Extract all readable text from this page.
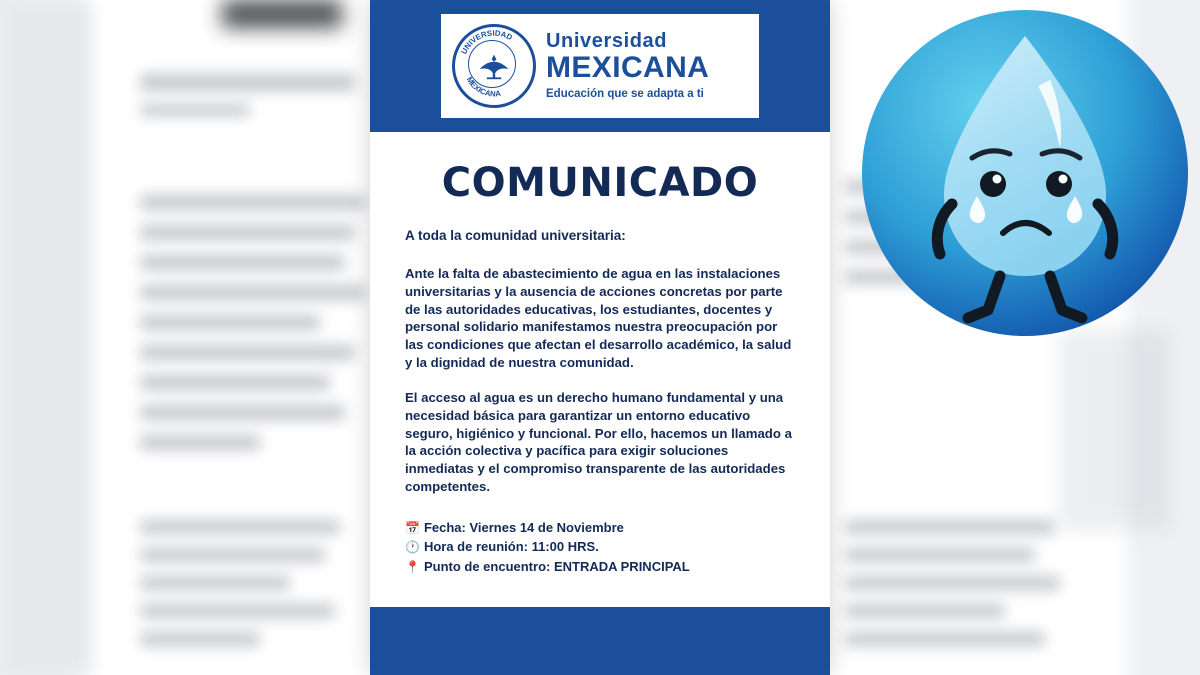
UNIVERSIDAD
MEXICANA
Universidad
MEXICANA
Educación que se adapta a ti
COMUNICADO
A toda la comunidad universitaria:
Ante la falta de abastecimiento de agua en las instalaciones universitarias y la ausencia de acciones concretas por parte de las autoridades educativas, los estudiantes, docentes y personal solidario manifestamos nuestra preocupación por las condiciones que afectan el desarrollo académico, la salud y la dignidad de nuestra comunidad.
El acceso al agua es un derecho humano fundamental y una necesidad básica para garantizar un entorno educativo seguro, higiénico y funcional. Por ello, hacemos un llamado a la acción colectiva y pacífica para exigir soluciones inmediatas y el compromiso transparente de las autoridades competentes.
📅 Fecha: Viernes 14 de Noviembre
🕐 Hora de reunión: 11:00 HRS.
📍 Punto de encuentro: ENTRADA PRINCIPAL
